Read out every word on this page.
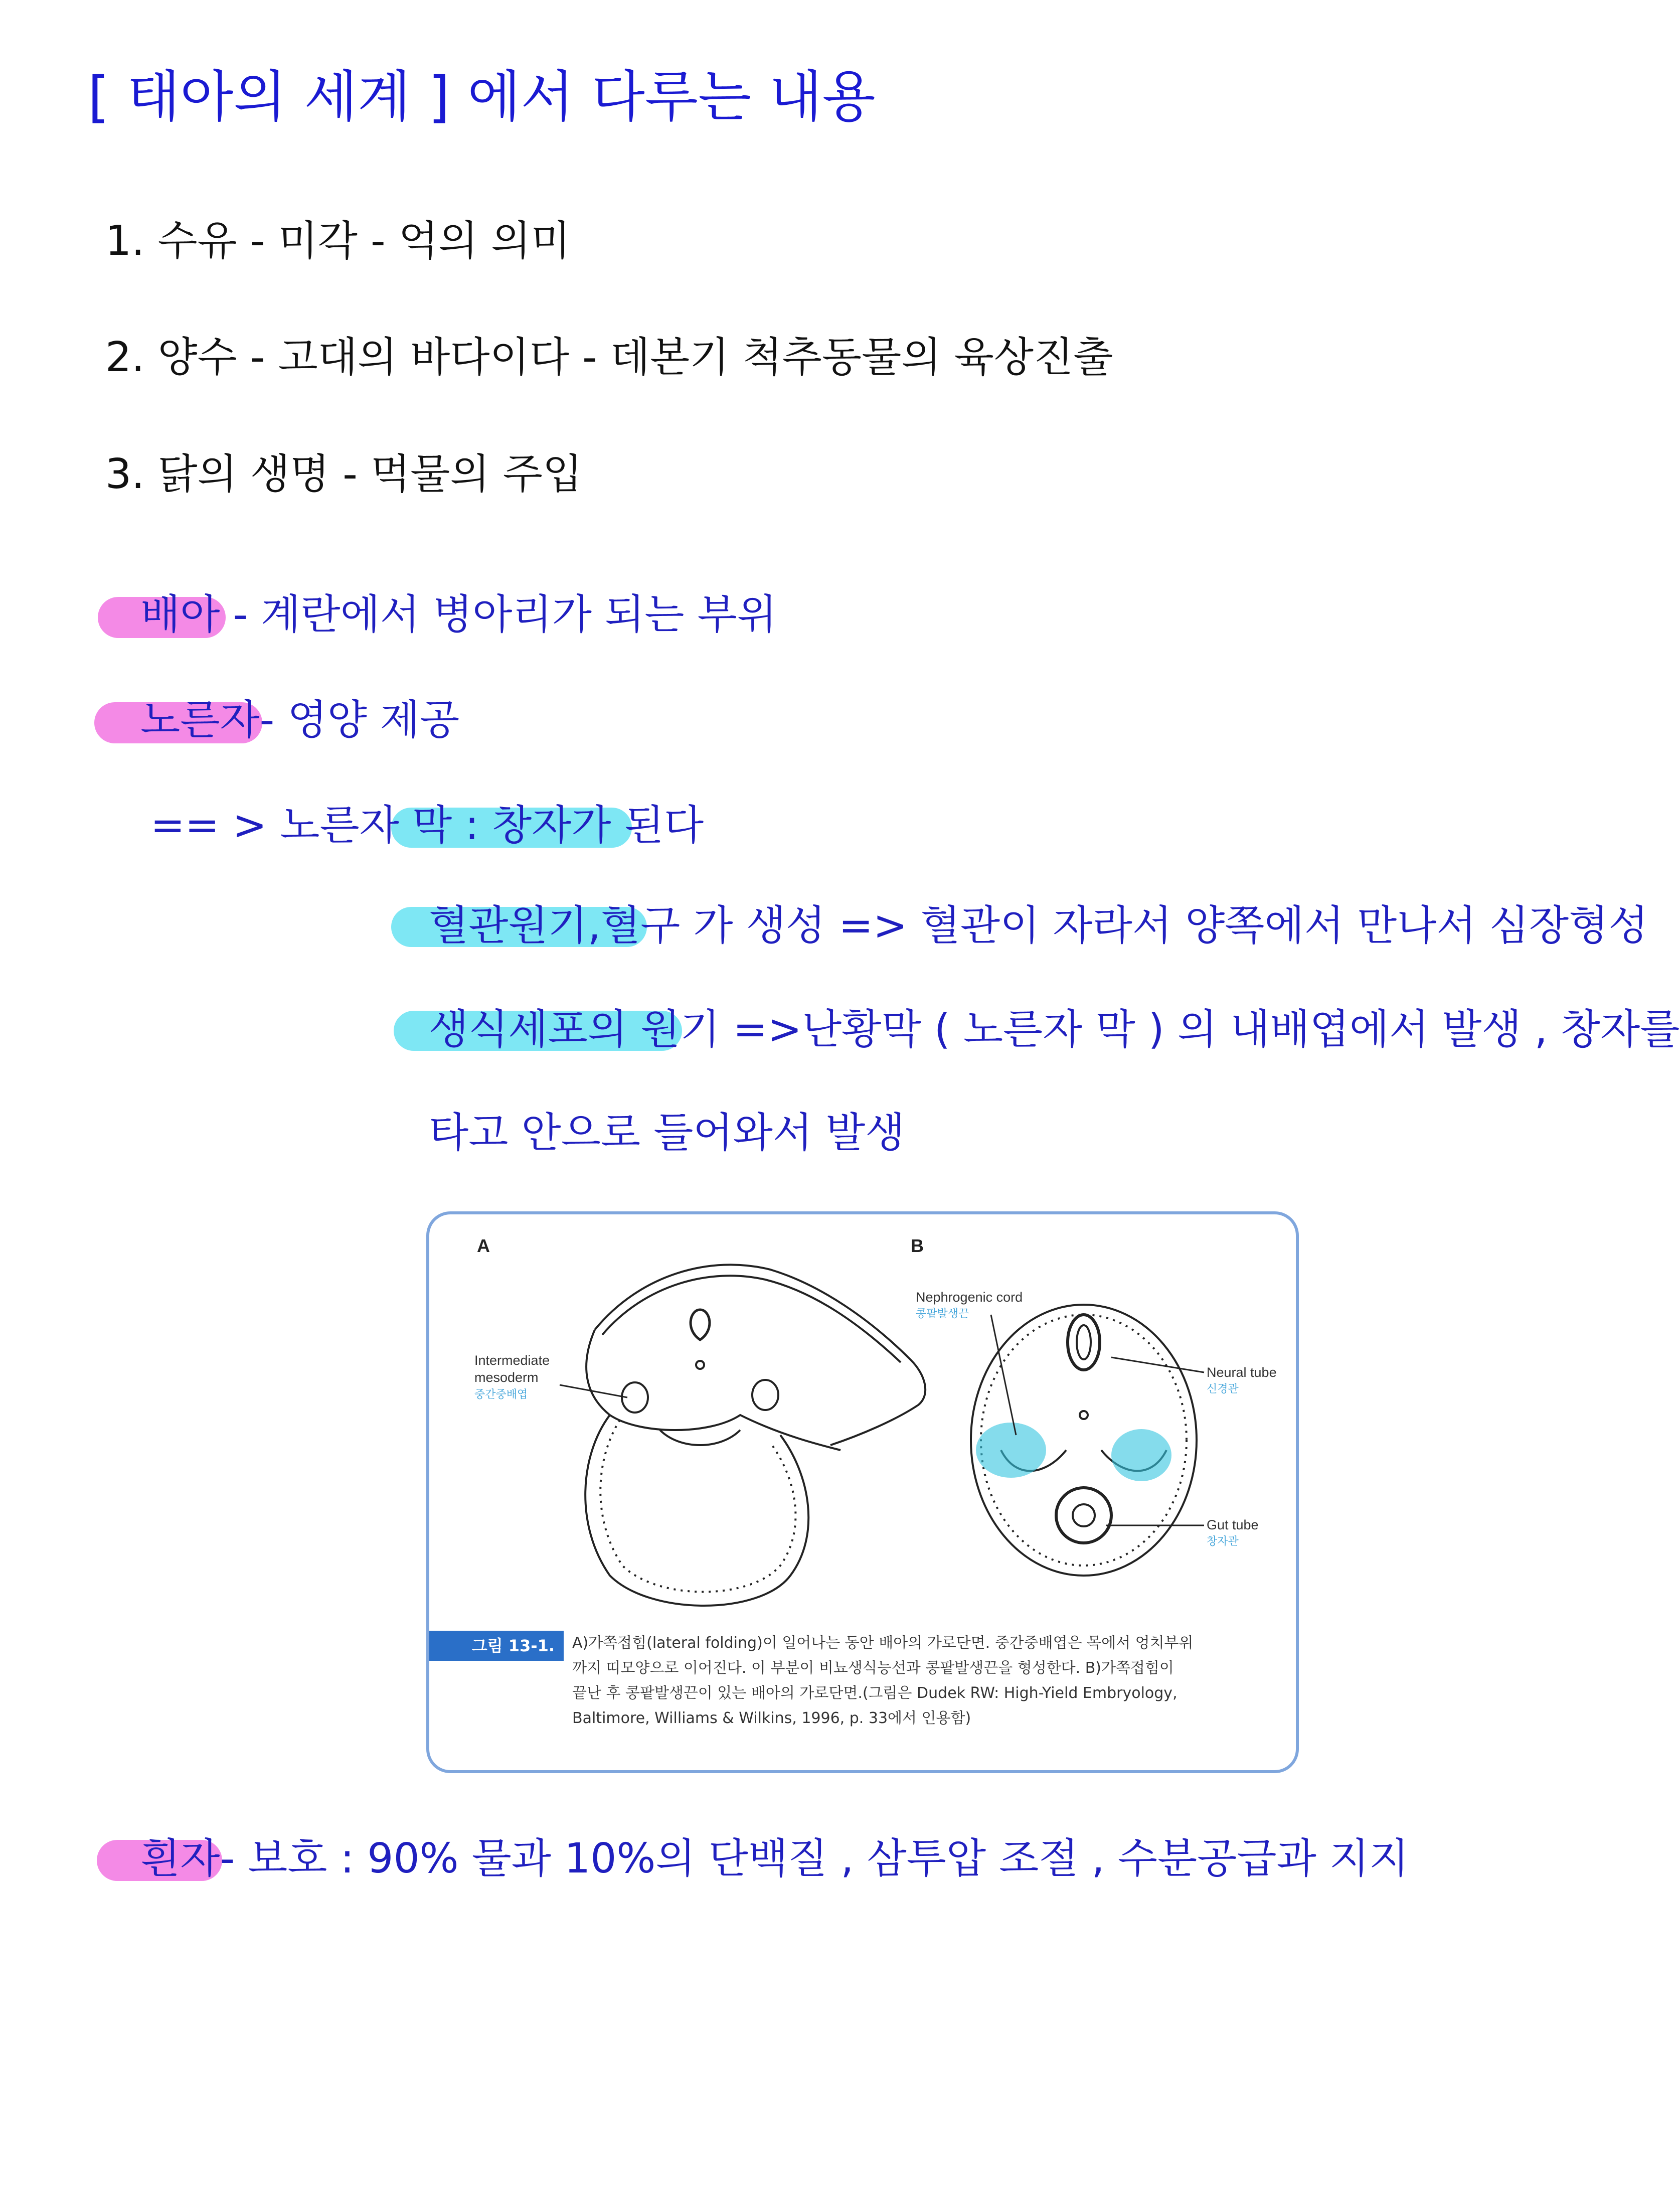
[ 태아의 세계 ] 에서 다루는 내용
1. 수유 - 미각 - 억의 의미
2. 양수 - 고대의 바다이다 - 데본기 척추동물의 육상진출
3. 닭의 생명 - 먹물의 주입
배아 - 계란에서 병아리가 되는 부위
노른자- 영양 제공
== > 노른자 막 : 창자가 된다
혈관원기,혈구 가 생성 => 혈관이 자라서 양쪽에서 만나서 심장형성
생식세포의 원기 =>난황막 ( 노른자 막 ) 의 내배엽에서 발생 , 창자를
타고 안으로 들어와서 발생
A	B
Intermediate
mesoderm
중간중배엽
Nephrogenic cord
콩팥발생끈
Neural tube
신경관
Gut tube
창자관
그림 13-1.	A)가쪽접힘(lateral folding)이 일어나는 동안 배아의 가로단면. 중간중배엽은 목에서 엉치부위
까지 띠모양으로 이어진다. 이 부분이 비뇨생식능선과 콩팥발생끈을 형성한다. B)가쪽접힘이
끝난 후 콩팥발생끈이 있는 배아의 가로단면.(그림은 Dudek RW: High-Yield Embryology,
Baltimore, Williams & Wilkins, 1996, p. 33에서 인용함)
흰자- 보호 : 90% 물과 10%의 단백질 , 삼투압 조절 , 수분공급과 지지
